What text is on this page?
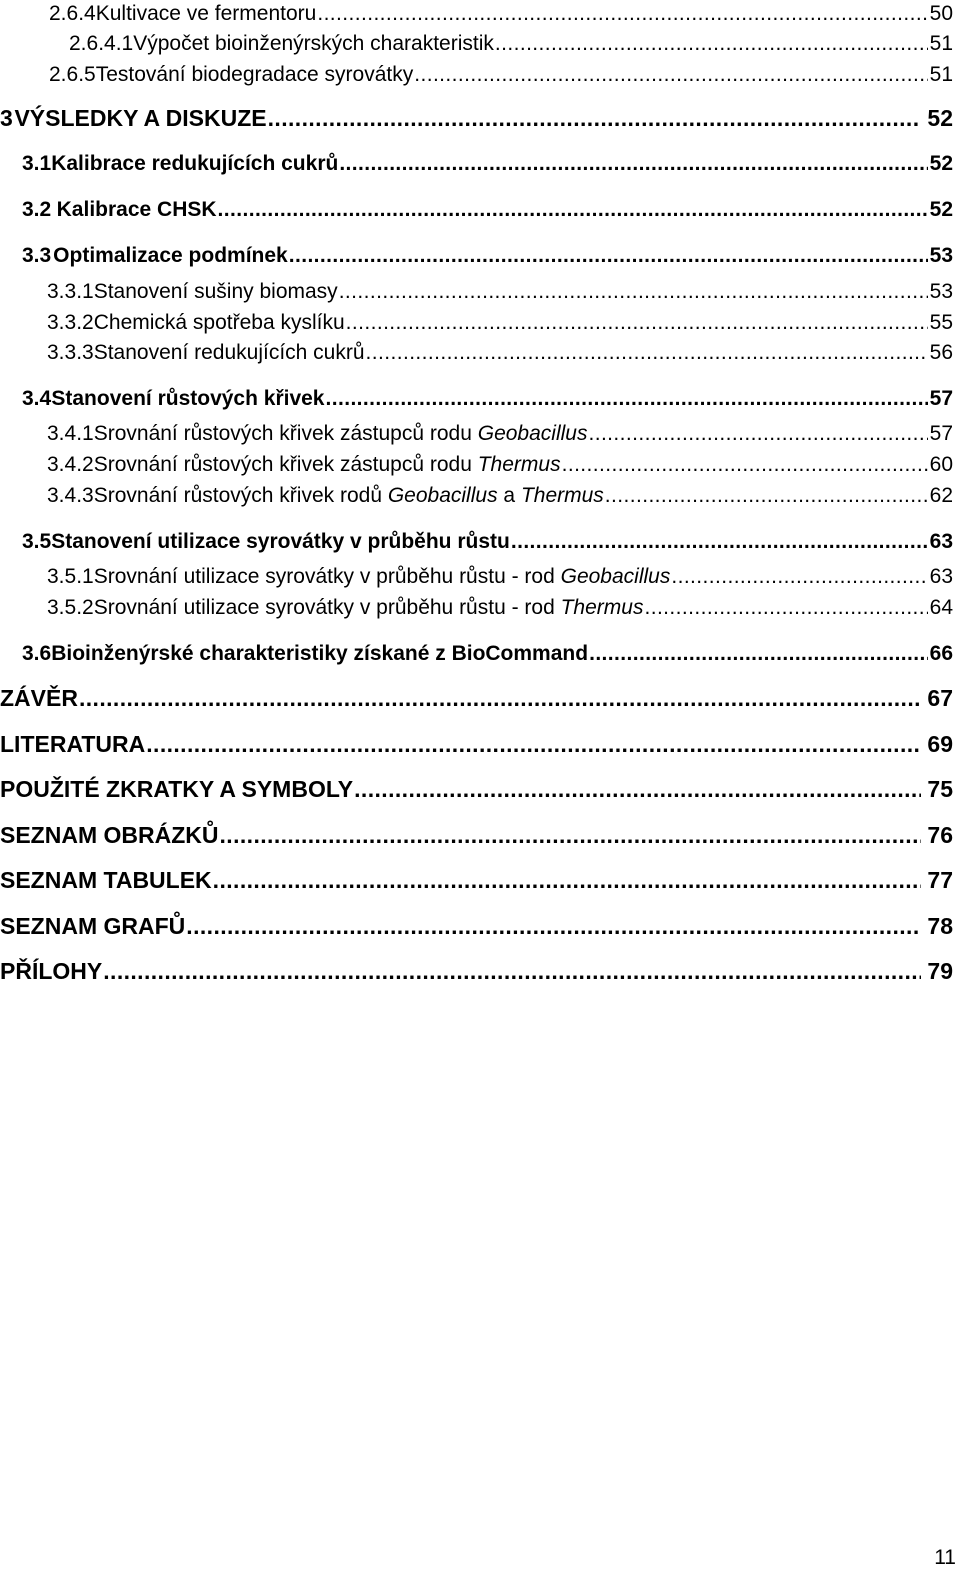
2.6.4 Kultivace ve fermentoru .....	50
2.6.4.1 Výpočet bioinženýrských charakteristik .....	51
2.6.5 Testování biodegradace syrovátky .....	51
3 VÝSLEDKY A DISKUZE .....	52
3.1 Kalibrace redukujících cukrů .....	52
3.2 Kalibrace CHSK .....	52
3.3 Optimalizace podmínek .....	53
3.3.1 Stanovení sušiny biomasy .....	53
3.3.2 Chemická spotřeba kyslíku .....	55
3.3.3 Stanovení redukujících cukrů .....	56
3.4 Stanovení růstových křivek .....	57
3.4.1 Srovnání růstových křivek zástupců rodu Geobacillus .....	57
3.4.2 Srovnání růstových křivek zástupců rodu Thermus .....	60
3.4.3 Srovnání růstových křivek rodů Geobacillus a Thermus .....	62
3.5 Stanovení utilizace syrovátky v průběhu růstu .....	63
3.5.1 Srovnání utilizace syrovátky v průběhu růstu - rod Geobacillus .....	63
3.5.2 Srovnání utilizace syrovátky v průběhu růstu - rod Thermus .....	64
3.6 Bioinženýrské charakteristiky získané z BioCommand .....	66
ZÁVĚR .....	67
LITERATURA .....	69
POUŽITÉ ZKRATKY A SYMBOLY .....	75
SEZNAM OBRÁZKŮ .....	76
SEZNAM TABULEK .....	77
SEZNAM GRAFŮ .....	78
PŘÍLOHY .....	79
11
